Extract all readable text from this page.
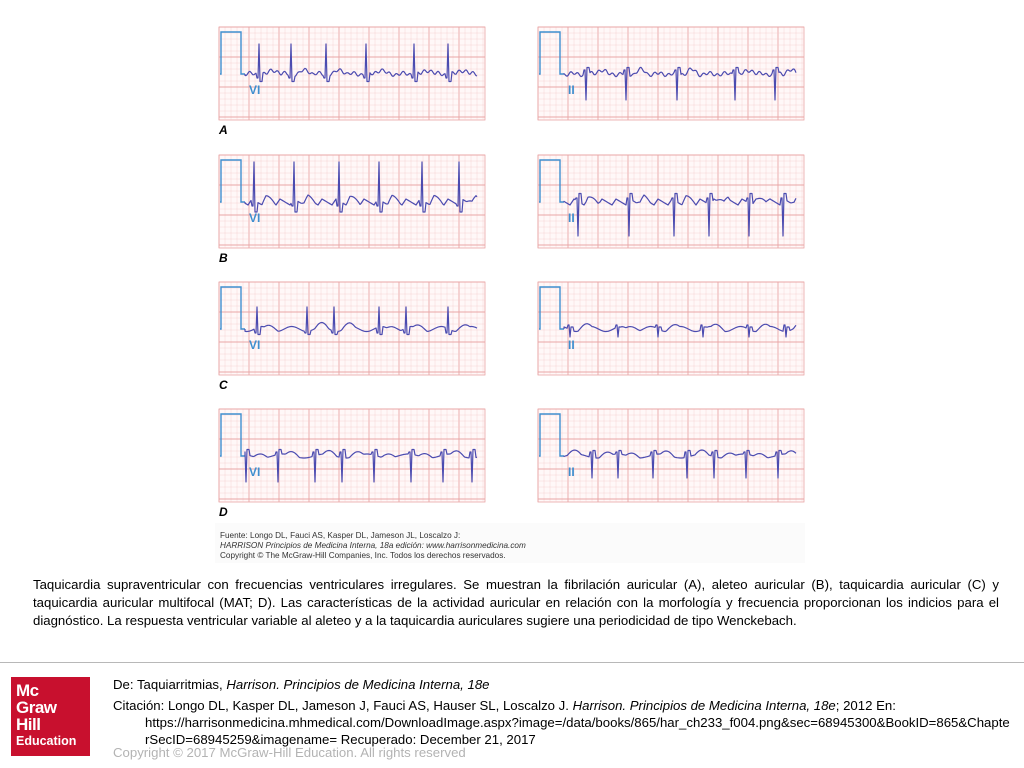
VI	II
A
VI	II
B
VI	II
C
VI	II
D
Fuente: Longo DL, Fauci AS, Kasper DL, Jameson JL, Loscalzo J:
HARRISON Principios de Medicina Interna, 18a edición: www.harrisonmedicina.com
Copyright © The McGraw-Hill Companies, Inc. Todos los derechos reservados.
Taquicardia supraventricular con frecuencias ventriculares irregulares. Se muestran la fibrilación auricular (A), aleteo auricular (B), taquicardia auricular (C) y taquicardia auricular multifocal (MAT; D). Las características de la actividad auricular en relación con la morfología y frecuencia proporcionan los indicios para el diagnóstico. La respuesta ventricular variable al aleteo y a la taquicardia auriculares sugiere una periodicidad de tipo Wenckebach.
Mc
Graw
Hill
Education
De: Taquiarritmias, Harrison. Principios de Medicina Interna, 18e
Citación: Longo DL, Kasper DL, Jameson J, Fauci AS, Hauser SL, Loscalzo J. Harrison. Principios de Medicina Interna, 18e; 2012 En:
https://harrisonmedicina.mhmedical.com/DownloadImage.aspx?image=/data/books/865/har_ch233_f004.png&sec=68945300&BookID=865&ChapterSecID=68945259&imagename= Recuperado: December 21, 2017
Copyright © 2017 McGraw-Hill Education. All rights reserved
